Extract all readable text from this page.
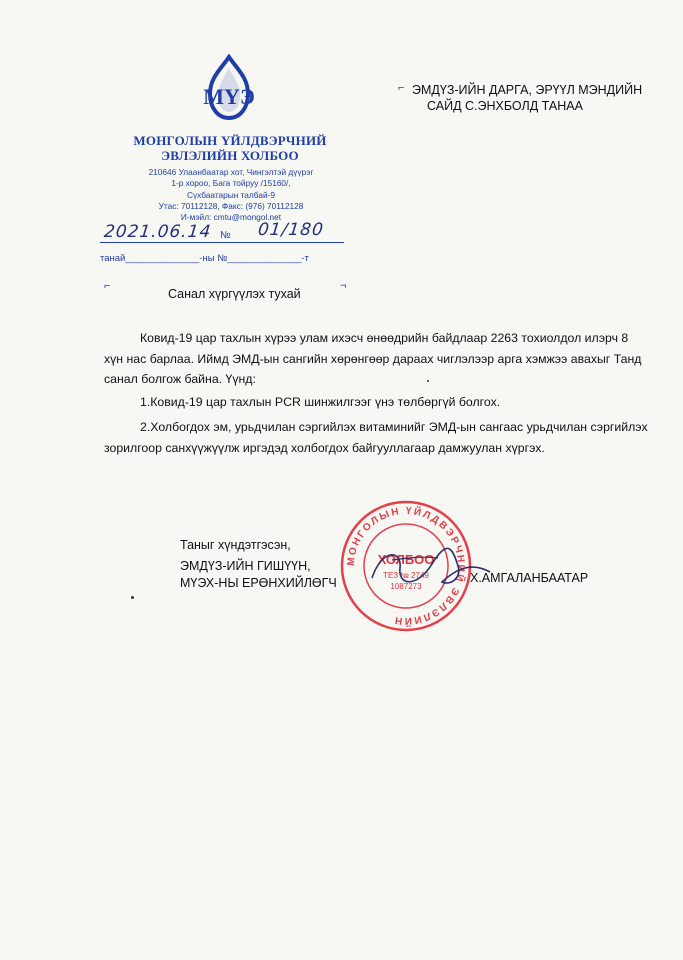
МҮЭ
МОНГОЛЫН ҮЙЛДВЭРЧНИЙ
ЭВЛЭЛИЙН ХОЛБОО
210646 Улаанбаатар хот, Чингэлтэй дүүрэг
1-р хороо, Бага тойруу /15160/,
Сүхбаатарын талбай-9
Утас: 70112128, Факс: (976) 70112128
И-мэйл: cmtu@mongol.net
2021.06.14 № 01/180
танай______________-ны №______________-т
⌐	¬
⌐ ЭМДҮЗ-ИЙН ДАРГА, ЭРҮҮЛ МЭНДИЙН
САЙД С.ЭНХБОЛД ТАНАА
Санал хүргүүлэх тухай

Ковид-19 цар тахлын хүрээ улам ихэсч өнөөдрийн байдлаар 2263 тохиолдол илэрч 8 хүн нас барлаа. Иймд ЭМД-ын сангийн хөрөнгөөр дараах чиглэлээр арга хэмжээ авахыг Танд санал болгож байна. Үүнд:

1.Ковид-19 цар тахлын PCR шинжилгээг үнэ төлбөргүй болгох.

2.Холбогдох эм, урьдчилан сэргийлэх витаминийг ЭМД-ын сангаас урьдчилан сэргийлэх зорилгоор санхүүжүүлж иргэдэд холбогдох байгууллагаар дамжуулан хүргэх.

МОНГОЛЫН ҮЙЛДВЭРЧНИЙ ЭВЛЭЛИЙН
ХОЛБОО
ТЕЗ № 2749
1087273
Таныг хүндэтгэсэн,
ЭМДҮЗ-ИЙН ГИШҮҮН,
МҮЭХ-НЫ ЕРӨНХИЙЛӨГЧ	Х.АМГАЛАНБААТАР
